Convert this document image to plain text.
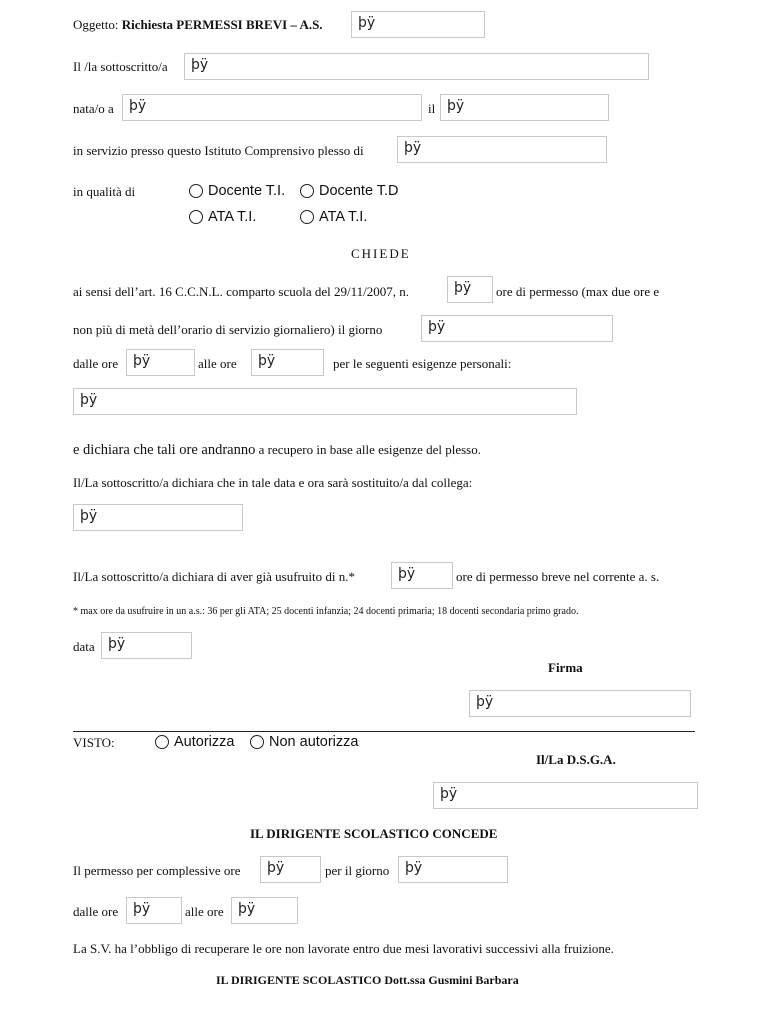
Oggetto: Richiesta PERMESSI BREVI – A.S.	þÿ
Il /la sottoscritto/a	þÿ
nata/o a	þÿ	il þÿ
in servizio presso questo Istituto Comprensivo plesso di	þÿ
in qualità di	Docente T.I. Docente T.D
ATA T.I.	ATA T.I.
CHIEDE
ai sensi dell’art. 16 C.C.N.L. comparto scuola del 29/11/2007, n.	þÿ	ore di permesso (max due ore e
non più di metà dell’orario di servizio giornaliero) il giorno	þÿ
dalle ore	þÿ	alle ore	þÿ	per le seguenti esigenze personali:
þÿ
e dichiara che tali ore andranno a recupero in base alle esigenze del plesso.
Il/La sottoscritto/a dichiara che in tale data e ora sarà sostituito/a dal collega:
þÿ
Il/La sottoscritto/a dichiara di aver già usufruito di n.*	þÿ	ore di permesso breve nel corrente a. s.
* max ore da usufruire in un a.s.: 36 per gli ATA; 25 docenti infanzia; 24 docenti primaria; 18 docenti secondaria primo grado.
data þÿ
Firma
þÿ
VISTO:	Autorizza Non autorizza
Il/La D.S.G.A.
þÿ
IL DIRIGENTE SCOLASTICO CONCEDE
Il permesso per complessive ore	þÿ	per il giorno	þÿ
dalle ore	þÿ	alle ore	þÿ
La S.V. ha l’obbligo di recuperare le ore non lavorate entro due mesi lavorativi successivi alla fruizione.
IL DIRIGENTE SCOLASTICO Dott.ssa Gusmini Barbara
